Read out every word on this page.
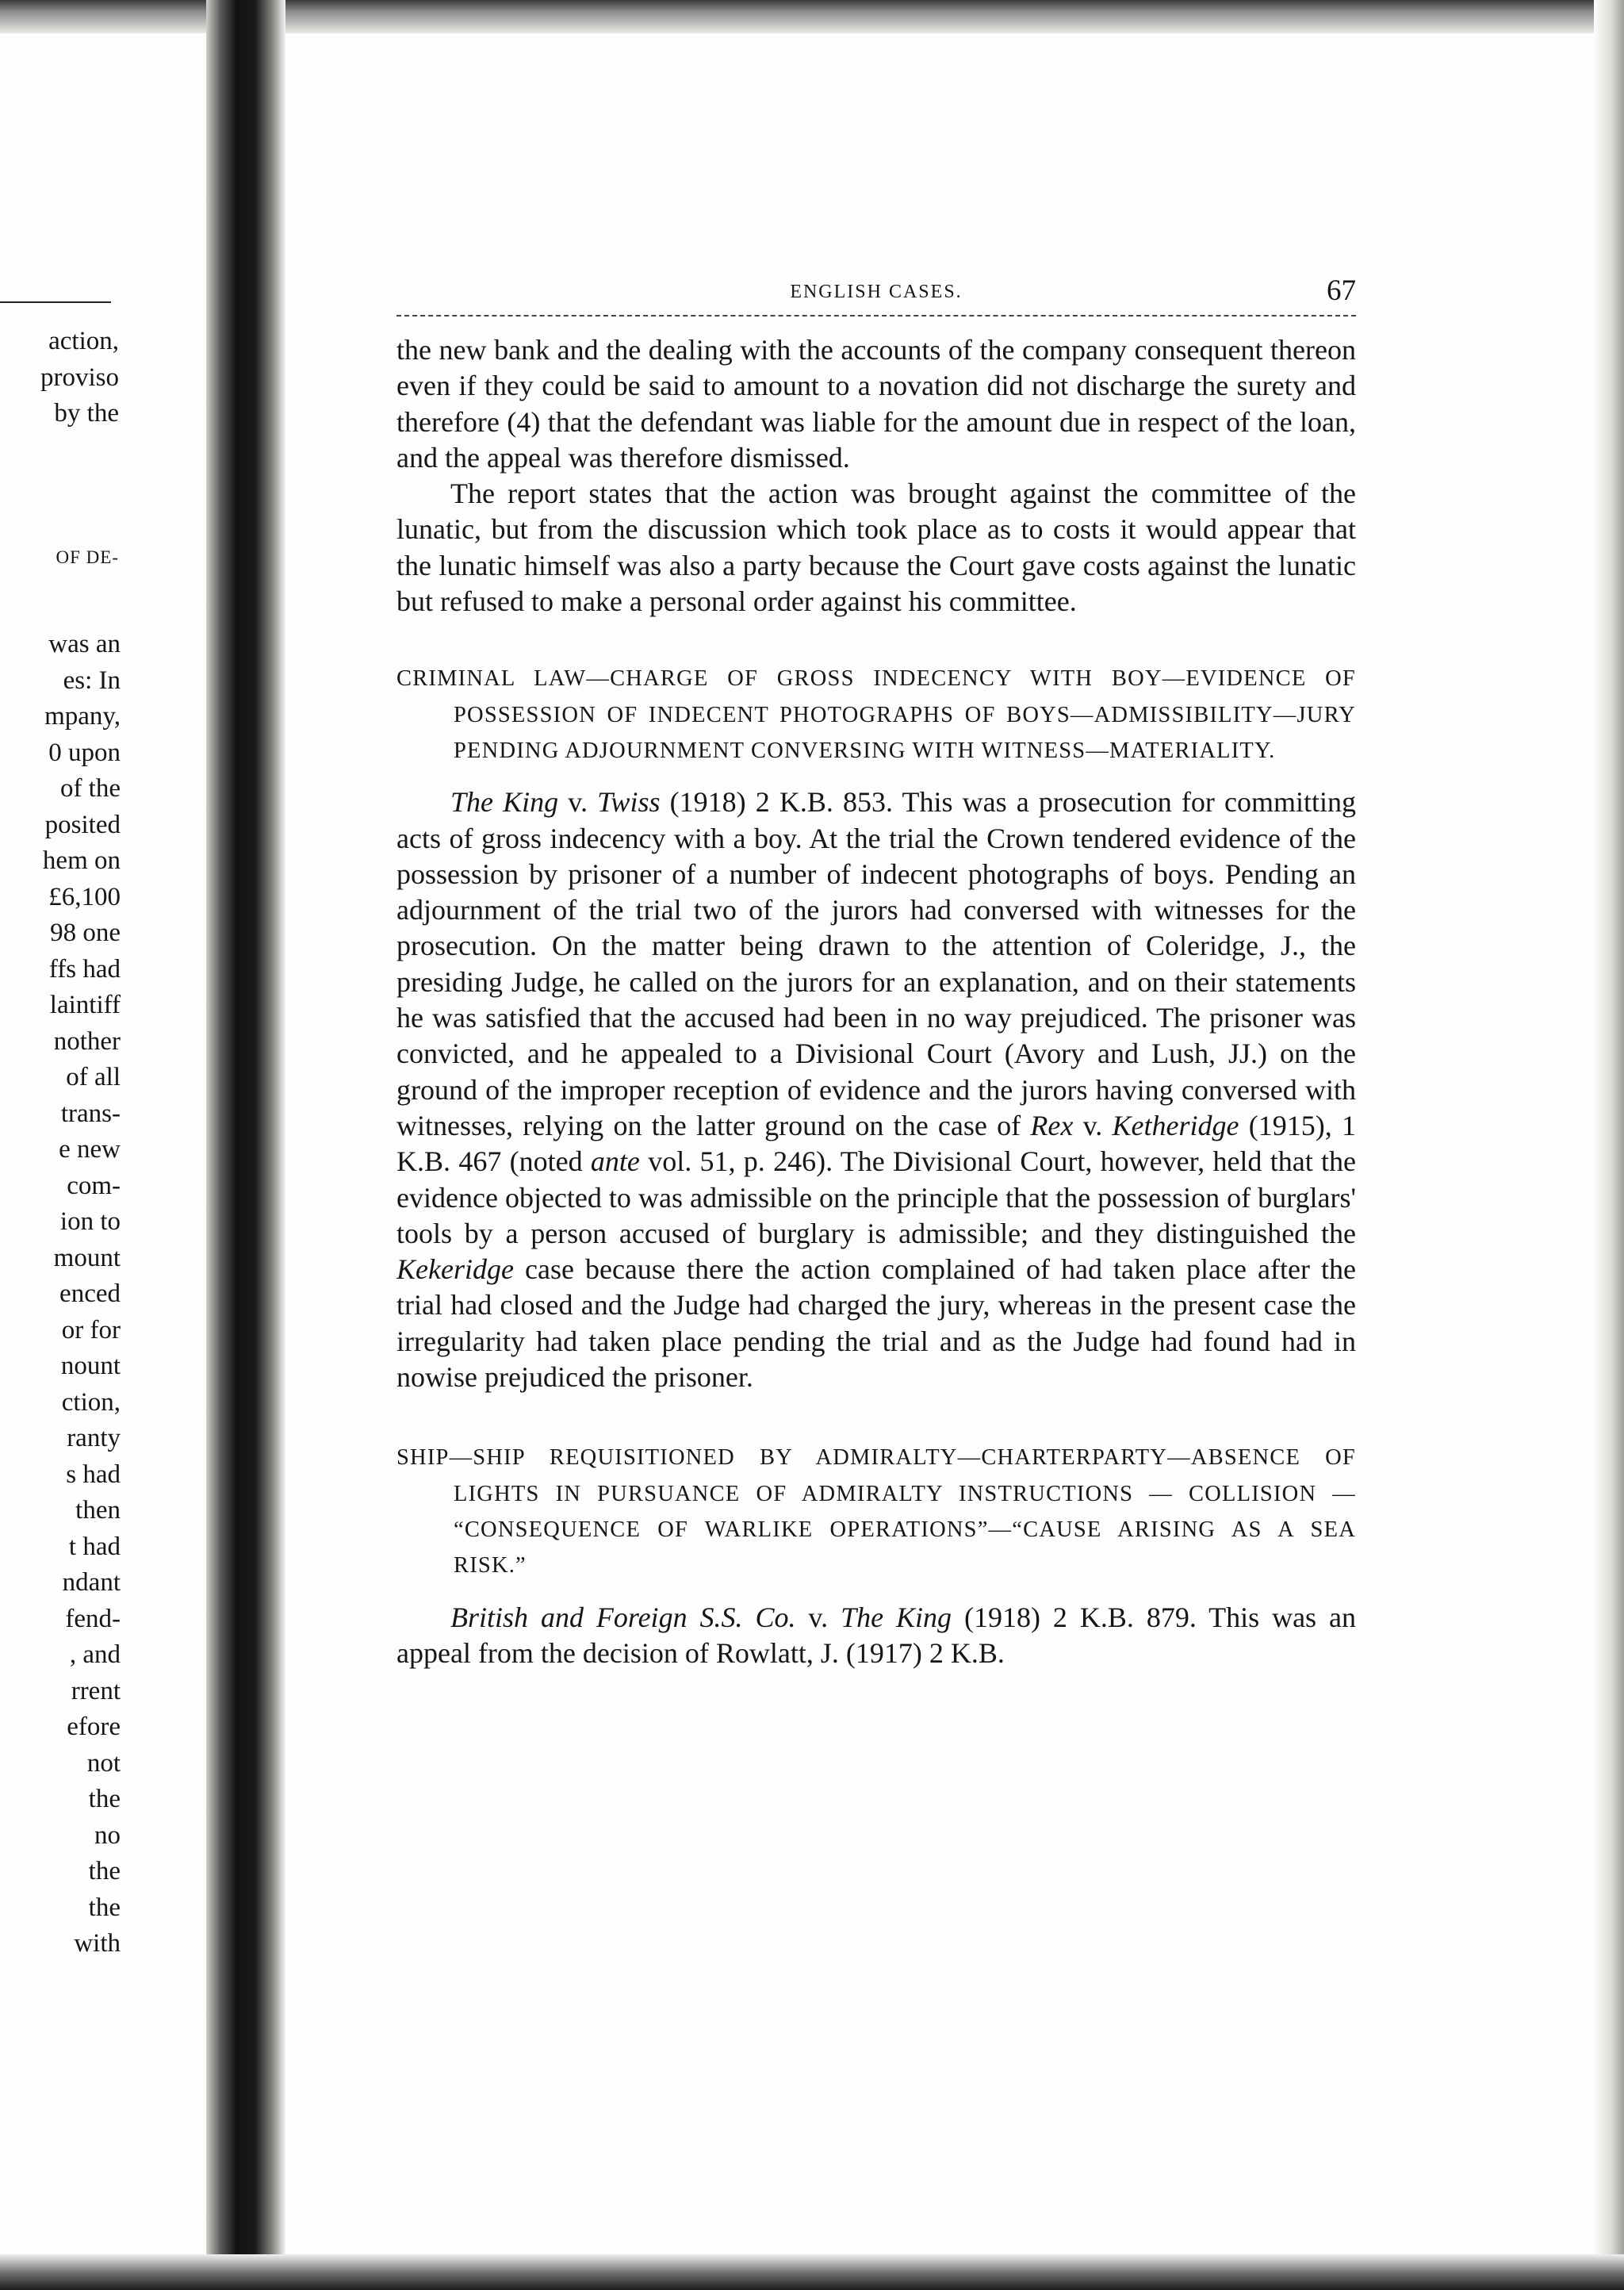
action,
proviso
by the
OF DE-
was an
es: In
mpany,
0 upon
of the
posited
hem on
£6,100
98 one
ffs had
laintiff
nother
of all
trans-
e new
com-
ion to
mount
enced
or for
nount
ction,
ranty
s had
then
t had
ndant
fend-
, and
rrent
efore
not
the
no
the
the
with
ENGLISH CASES.	67

the new bank and the dealing with the accounts of the company consequent thereon even if they could be said to amount to a novation did not discharge the surety and therefore (4) that the defendant was liable for the amount due in respect of the loan, and the appeal was therefore dismissed.

The report states that the action was brought against the committee of the lunatic, but from the discussion which took place as to costs it would appear that the lunatic himself was also a party because the Court gave costs against the lunatic but refused to make a personal order against his committee.

CRIMINAL LAW—CHARGE OF GROSS INDECENCY WITH BOY—EVIDENCE OF POSSESSION OF INDECENT PHOTOGRAPHS OF BOYS—ADMISSIBILITY—JURY PENDING ADJOURNMENT CONVERSING WITH WITNESS—MATERIALITY.

The King v. Twiss (1918) 2 K.B. 853. This was a prosecution for committing acts of gross indecency with a boy. At the trial the Crown tendered evidence of the possession by prisoner of a number of indecent photographs of boys. Pending an adjournment of the trial two of the jurors had conversed with witnesses for the prosecution. On the matter being drawn to the attention of Coleridge, J., the presiding Judge, he called on the jurors for an explanation, and on their statements he was satisfied that the accused had been in no way prejudiced. The prisoner was convicted, and he appealed to a Divisional Court (Avory and Lush, JJ.) on the ground of the improper reception of evidence and the jurors having conversed with witnesses, relying on the latter ground on the case of Rex v. Ketheridge (1915), 1 K.B. 467 (noted ante vol. 51, p. 246). The Divisional Court, however, held that the evidence objected to was admissible on the principle that the possession of burglars' tools by a person accused of burglary is admissible; and they distinguished the Kekeridge case because there the action complained of had taken place after the trial had closed and the Judge had charged the jury, whereas in the present case the irregularity had taken place pending the trial and as the Judge had found had in nowise prejudiced the prisoner.

SHIP—SHIP REQUISITIONED BY ADMIRALTY—CHARTERPARTY—ABSENCE OF LIGHTS IN PURSUANCE OF ADMIRALTY INSTRUCTIONS — COLLISION — “CONSEQUENCE OF WARLIKE OPERATIONS”—“CAUSE ARISING AS A SEA RISK.”

British and Foreign S.S. Co. v. The King (1918) 2 K.B. 879. This was an appeal from the decision of Rowlatt, J. (1917) 2 K.B.
